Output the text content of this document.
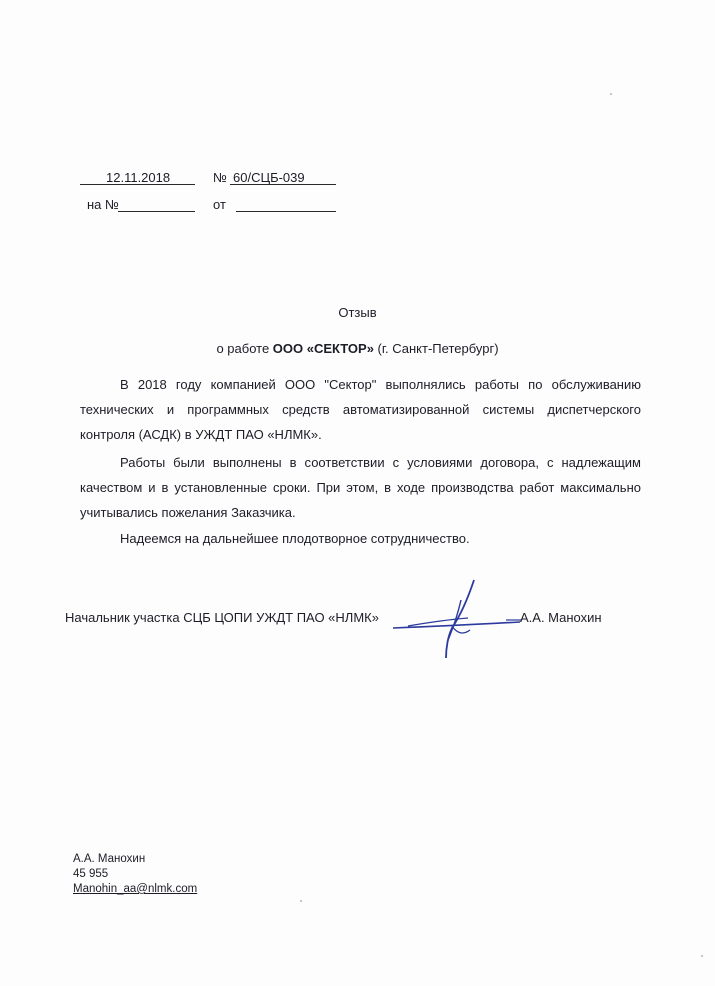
12.11.2018	№ 60/СЦБ-039
на №	от
Отзыв
о работе ООО «СЕКТОР» (г. Санкт-Петербург)

В 2018 году компанией ООО "Сектор" выполнялись работы по обслуживанию технических и программных средств автоматизированной системы диспетчерского контроля (АСДК) в УЖДТ ПАО «НЛМК».

Работы были выполнены в соответствии с условиями договора, с надлежащим качеством и в установленные сроки. При этом, в ходе производства работ максимально учитывались пожелания Заказчика.

Надеемся на дальнейшее плодотворное сотрудничество.

Начальник участка СЦБ ЦОПИ УЖДТ ПАО «НЛМК»	А.А. Манохин
А.А. Манохин
45 955
Manohin_aa@nlmk.com
